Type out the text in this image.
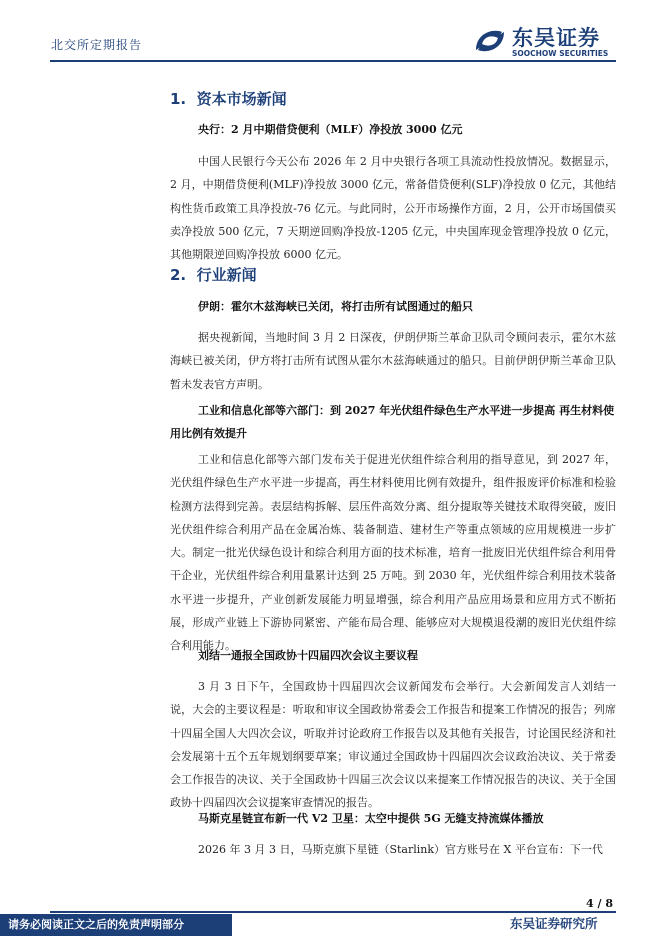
北交所定期报告	东吴证券
SOOCHOW SECURITIES
1.  资本市场新闻
央行：2 月中期借贷便利（MLF）净投放 3000 亿元

中国人民银行今天公布 2026 年 2 月中央银行各项工具流动性投放情况。数据显示，2 月，中期借贷便利(MLF)净投放 3000 亿元，常备借贷便利(SLF)净投放 0 亿元，其他结构性货币政策工具净投放-76 亿元。与此同时，公开市场操作方面，2 月，公开市场国债买卖净投放 500 亿元，7 天期逆回购净投放-1205 亿元，中央国库现金管理净投放 0 亿元，其他期限逆回购净投放 6000 亿元。

2.  行业新闻
伊朗：霍尔木兹海峡已关闭，将打击所有试图通过的船只

据央视新闻，当地时间 3 月 2 日深夜，伊朗伊斯兰革命卫队司令顾问表示，霍尔木兹海峡已被关闭，伊方将打击所有试图从霍尔木兹海峡通过的船只。目前伊朗伊斯兰革命卫队暂未发表官方声明。

工业和信息化部等六部门：到 2027 年光伏组件绿色生产水平进一步提高 再生材料使用比例有效提升

工业和信息化部等六部门发布关于促进光伏组件综合利用的指导意见，到 2027 年，光伏组件绿色生产水平进一步提高，再生材料使用比例有效提升，组件报废评价标准和检验检测方法得到完善。表层结构拆解、层压件高效分离、组分提取等关键技术取得突破，废旧光伏组件综合利用产品在金属冶炼、装备制造、建材生产等重点领域的应用规模进一步扩大。制定一批光伏绿色设计和综合利用方面的技术标准，培育一批废旧光伏组件综合利用骨干企业，光伏组件综合利用量累计达到 25 万吨。到 2030 年，光伏组件综合利用技术装备水平进一步提升，产业创新发展能力明显增强，综合利用产品应用场景和应用方式不断拓展，形成产业链上下游协同紧密、产能布局合理、能够应对大规模退役潮的废旧光伏组件综合利用能力。

刘结一通报全国政协十四届四次会议主要议程

3 月 3 日下午，全国政协十四届四次会议新闻发布会举行。大会新闻发言人刘结一说，大会的主要议程是：听取和审议全国政协常委会工作报告和提案工作情况的报告；列席十四届全国人大四次会议，听取并讨论政府工作报告以及其他有关报告，讨论国民经济和社会发展第十五个五年规划纲要草案；审议通过全国政协十四届四次会议政治决议、关于常委会工作报告的决议、关于全国政协十四届三次会议以来提案工作情况报告的决议、关于全国政协十四届四次会议提案审查情况的报告。

马斯克星链宣布新一代 V2 卫星：太空中提供 5G 无缝支持流媒体播放

2026 年 3 月 3 日，马斯克旗下星链（Starlink）官方账号在 X 平台宣布：下一代

4 / 8
请务必阅读正文之后的免责声明部分	东吴证券研究所
